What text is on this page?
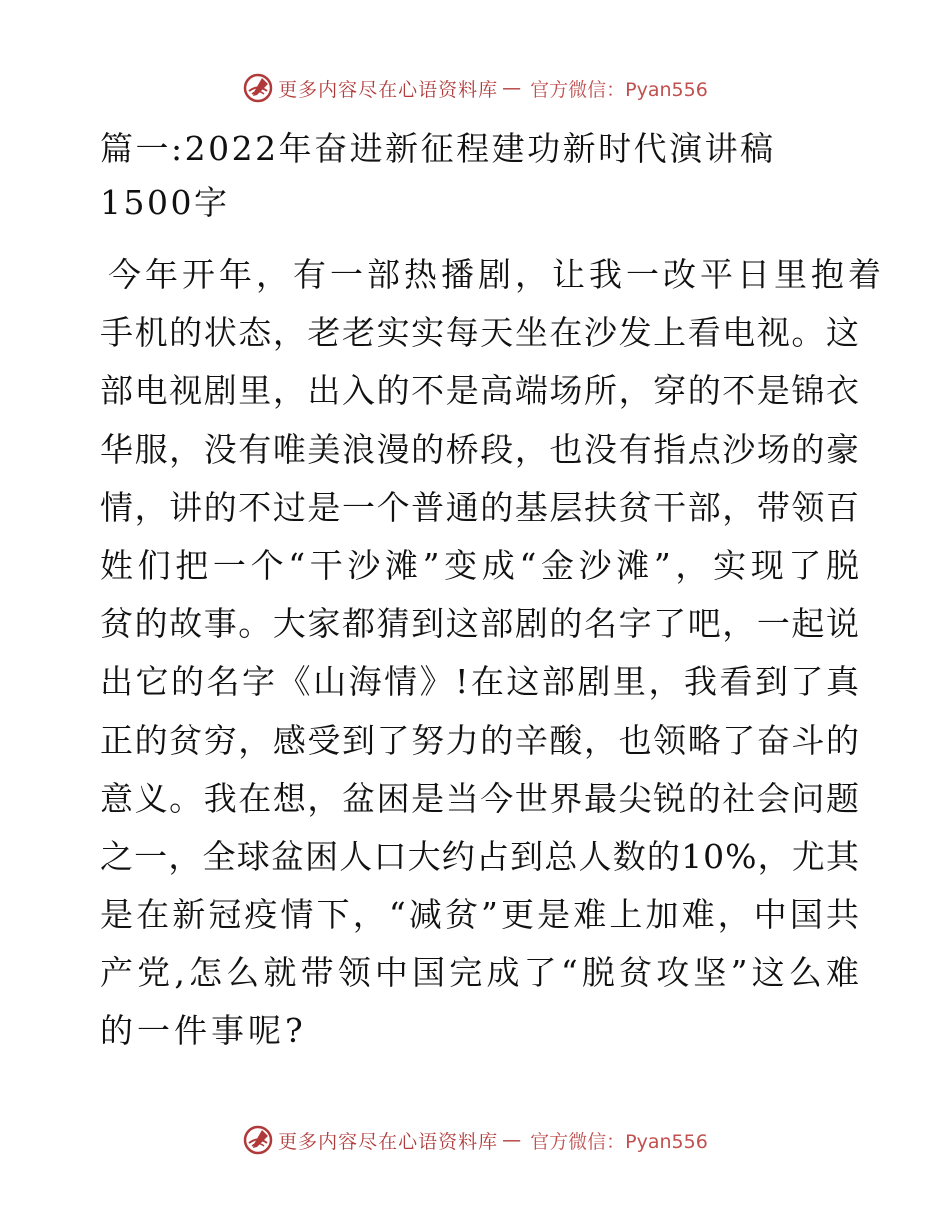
更多内容尽在心语资料库 — 官方微信：Pyan556
篇一:2022年奋进新征程建功新时代演讲稿1500字
今年开年，有一部热播剧，让我一改平日里抱着
手机的状态，老老实实每天坐在沙发上看电视。这
部电视剧里，出入的不是高端场所，穿的不是锦衣
华服，没有唯美浪漫的桥段，也没有指点沙场的豪
情，讲的不过是一个普通的基层扶贫干部，带领百
姓们把一个“干沙滩”变成“金沙滩”，实现了脱
贫的故事。大家都猜到这部剧的名字了吧，一起说
出它的名字《山海情》!在这部剧里，我看到了真
正的贫穷，感受到了努力的辛酸，也领略了奋斗的
意义。我在想，盆困是当今世界最尖锐的社会问题
之一，全球盆困人口大约占到总人数的10%，尤其
是在新冠疫情下，“减贫”更是难上加难，中国共
产党,怎么就带领中国完成了“脱贫攻坚”这么难
的一件事呢?
更多内容尽在心语资料库 — 官方微信：Pyan556
